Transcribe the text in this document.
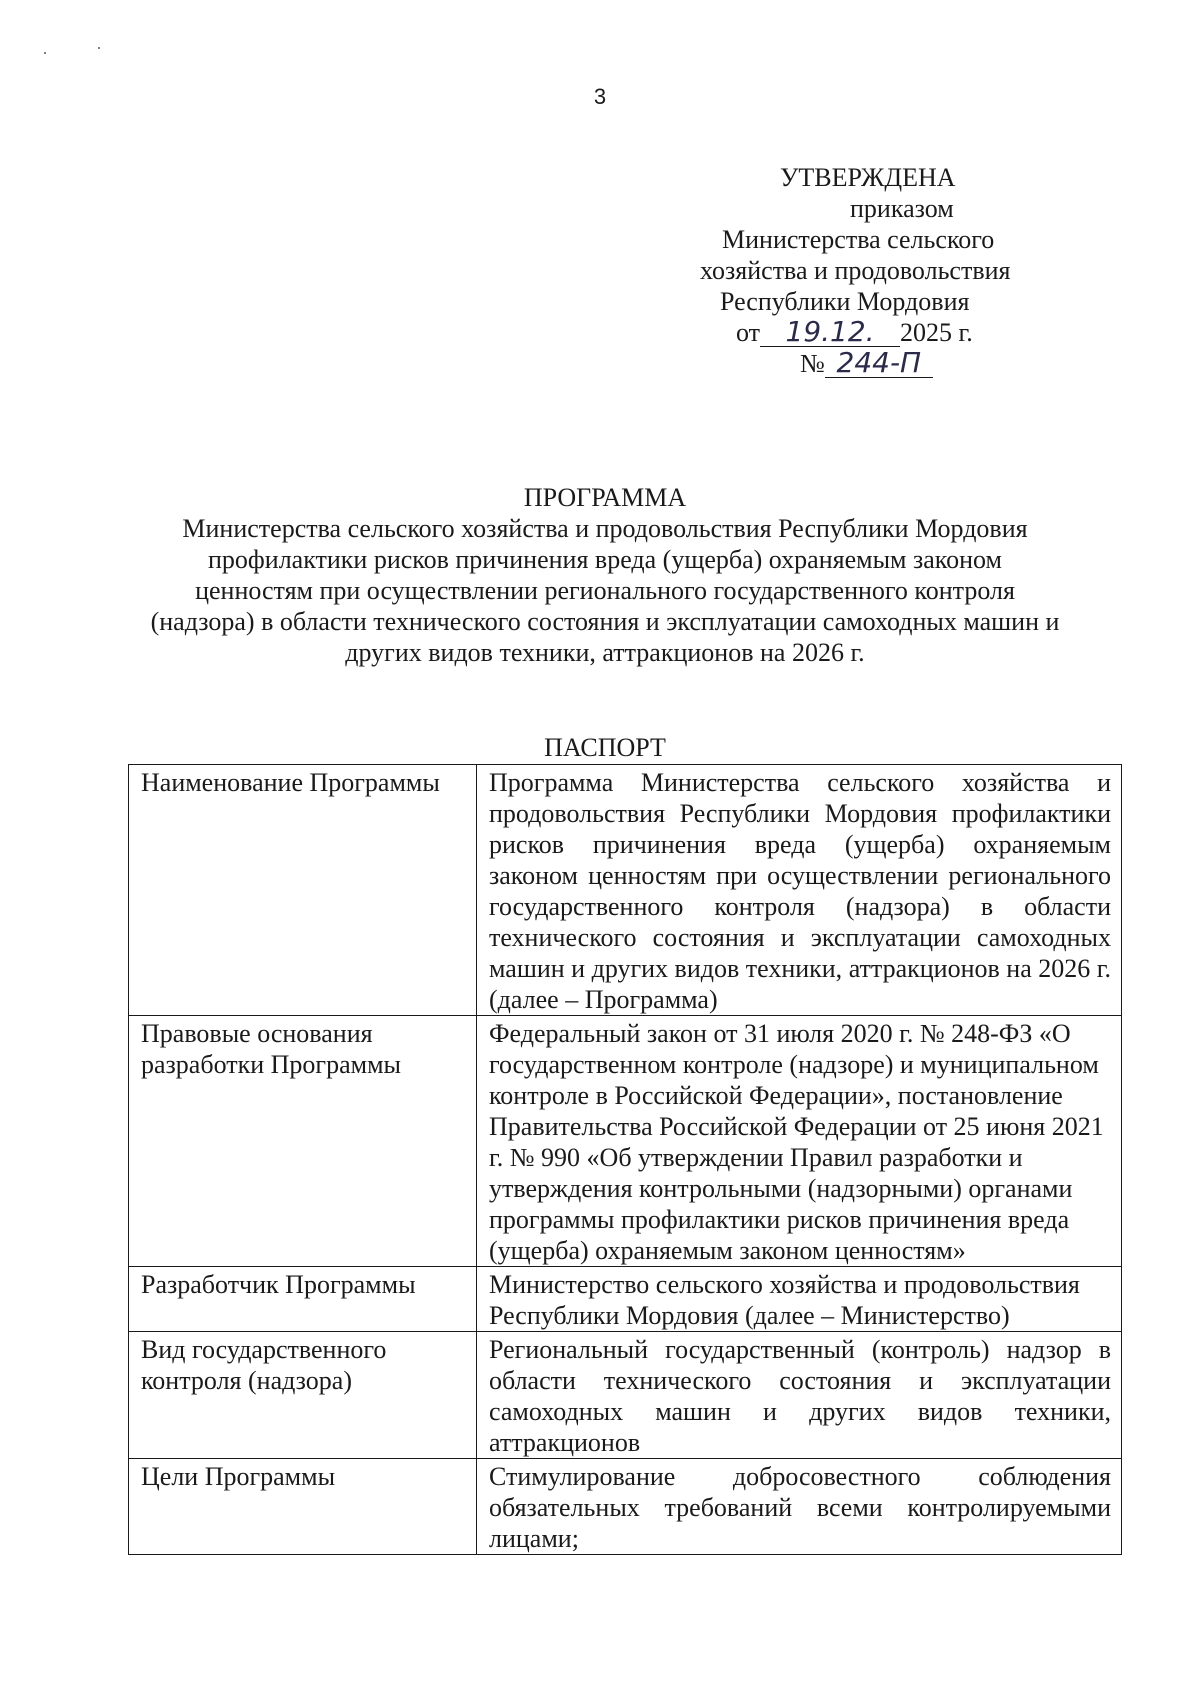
3
УТВЕРЖДЕНА
приказом
Министерства сельского
хозяйства и продовольствия
Республики Мордовия
от 19.12. 2025 г.
№ 244-П
ПРОГРАММА
Министерства сельского хозяйства и продовольствия Республики Мордовия
профилактики рисков причинения вреда (ущерба) охраняемым законом
ценностям при осуществлении регионального государственного контроля
(надзора) в области технического состояния и эксплуатации самоходных машин и
других видов техники, аттракционов на 2026 г.
ПАСПОРТ
Наименование Программы	Программа Министерства сельского хозяйства и продовольствия Республики Мордовия профилактики рисков причинения вреда (ущерба) охраняемым законом ценностям при осуществлении регионального государственного контроля (надзора) в области технического состояния и эксплуатации самоходных машин и других видов техники, аттракционов на 2026 г. (далее – Программа)
Правовые основания разработки Программы	Федеральный закон от 31 июля 2020 г. № 248-ФЗ «О государственном контроле (надзоре) и муниципальном контроле в Российской Федерации», постановление Правительства Российской Федерации от 25 июня 2021 г. № 990 «Об утверждении Правил разработки и утверждения контрольными (надзорными) органами программы профилактики рисков причинения вреда (ущерба) охраняемым законом ценностям»
Разработчик Программы	Министерство сельского хозяйства и продовольствия Республики Мордовия (далее – Министерство)
Вид государственного контроля (надзора)	Региональный государственный (контроль) надзор в области технического состояния и эксплуатации самоходных машин и других видов техники, аттракционов
Цели Программы	Стимулирование добросовестного соблюдения обязательных требований всеми контролируемыми лицами;
